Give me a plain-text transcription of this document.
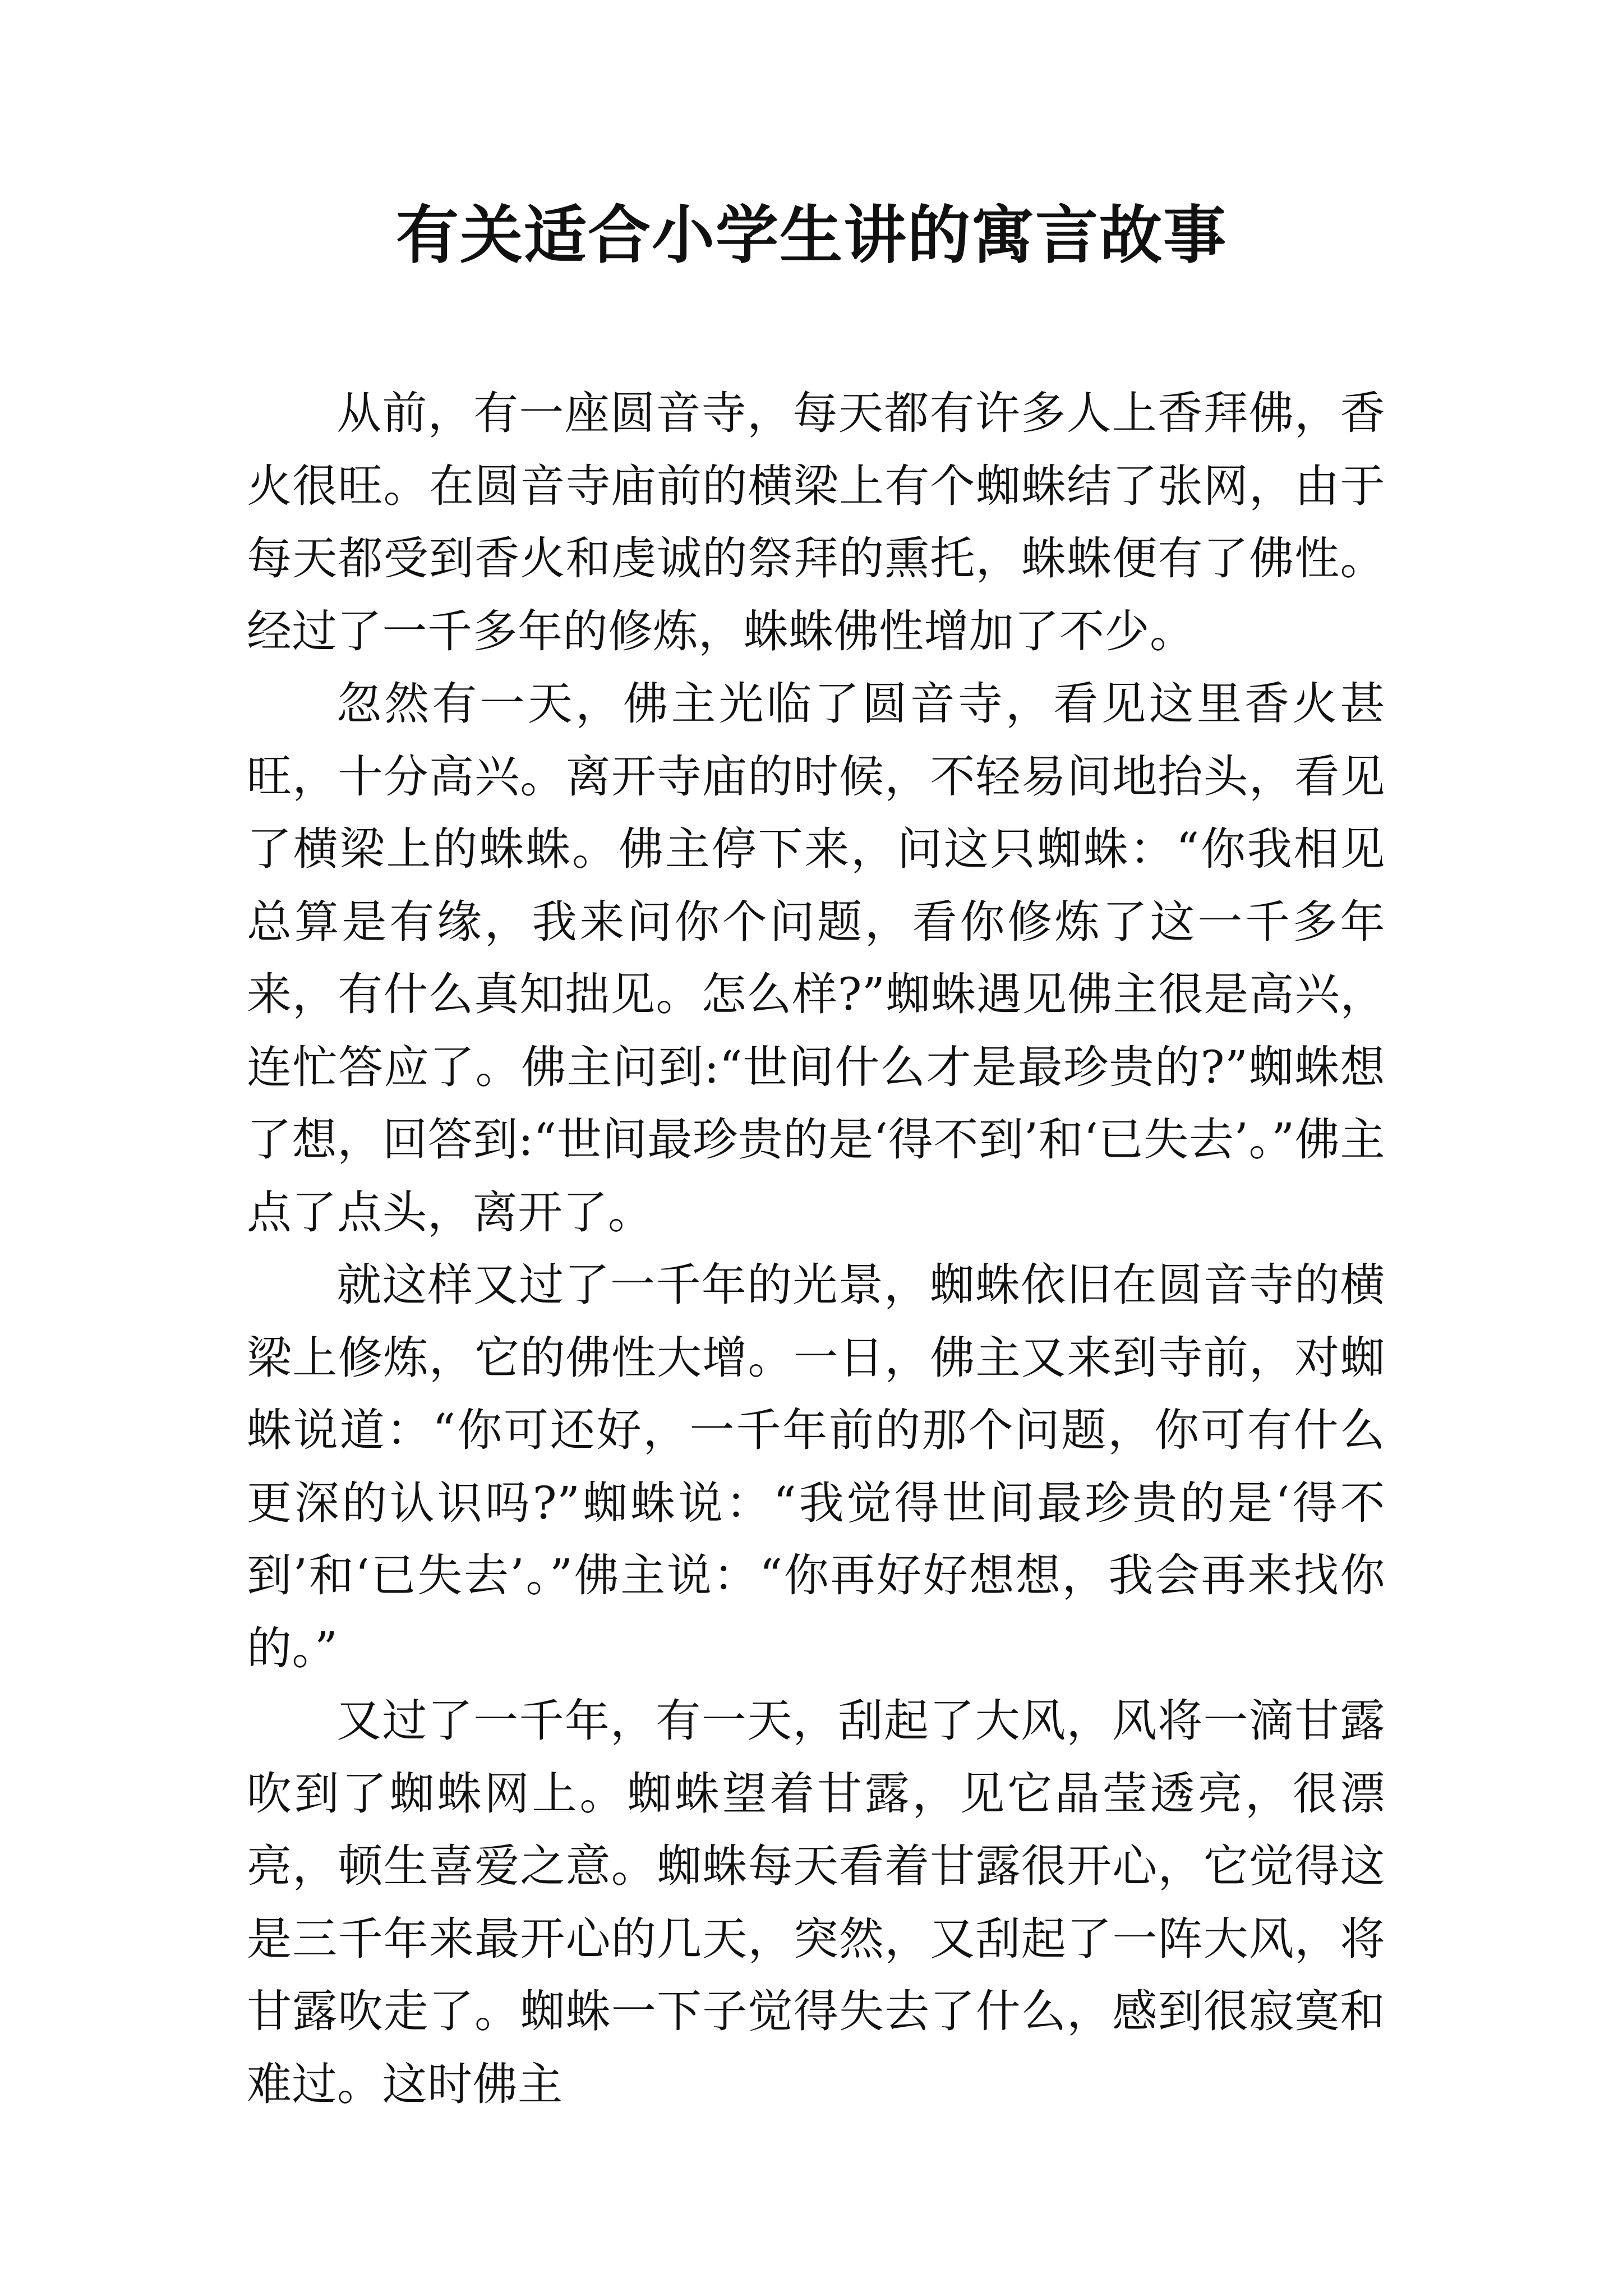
有关适合小学生讲的寓言故事

从前，有一座圆音寺，每天都有许多人上香拜佛，香火很旺。在圆音寺庙前的横梁上有个蜘蛛结了张网，由于每天都受到香火和虔诚的祭拜的熏托，蛛蛛便有了佛性。经过了一千多年的修炼，蛛蛛佛性增加了不少。

忽然有一天，佛主光临了圆音寺，看见这里香火甚旺，十分高兴。离开寺庙的时候，不轻易间地抬头，看见了横梁上的蛛蛛。佛主停下来，问这只蜘蛛：“你我相见总算是有缘，我来问你个问题，看你修炼了这一千多年来，有什么真知拙见。怎么样?”蜘蛛遇见佛主很是高兴，连忙答应了。佛主问到:“世间什么才是最珍贵的?”蜘蛛想了想，回答到:“世间最珍贵的是‘得不到’和‘已失去’。”佛主点了点头，离开了。

就这样又过了一千年的光景，蜘蛛依旧在圆音寺的横梁上修炼，它的佛性大增。一日，佛主又来到寺前，对蜘蛛说道：“你可还好，一千年前的那个问题，你可有什么更深的认识吗?”蜘蛛说：“我觉得世间最珍贵的是‘得不到’和‘已失去’。”佛主说：“你再好好想想，我会再来找你的。”

又过了一千年，有一天，刮起了大风，风将一滴甘露吹到了蜘蛛网上。蜘蛛望着甘露，见它晶莹透亮，很漂亮，顿生喜爱之意。蜘蛛每天看着甘露很开心，它觉得这是三千年来最开心的几天，突然，又刮起了一阵大风，将甘露吹走了。蜘蛛一下子觉得失去了什么，感到很寂寞和难过。这时佛主
